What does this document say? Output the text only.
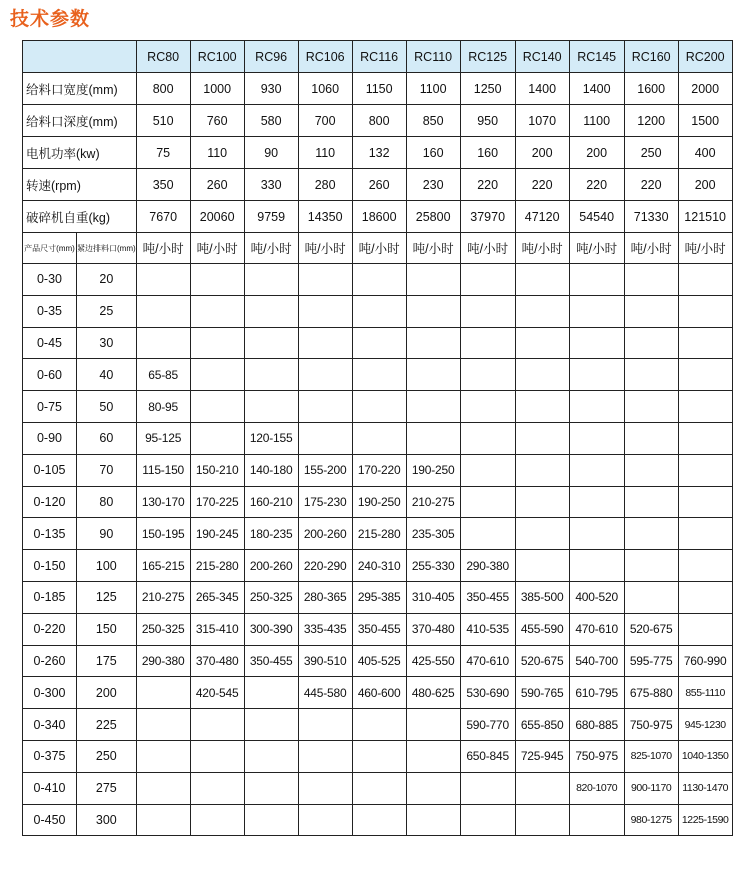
技术参数
		RC80	RC100	RC96	RC106	RC116	RC110	RC125	RC140	RC145	RC160	RC200
给料口宽度(mm)		800	1000	930	1060	1150	1100	1250	1400	1400	1600	2000
给料口深度(mm)		510	760	580	700	800	850	950	1070	1100	1200	1500
电机功率(kw)		75	110	90	110	132	160	160	200	200	250	400
转速(rpm)		350	260	330	280	260	230	220	220	220	220	200
破碎机自重(kg)		7670	20060	9759	14350	18600	25800	37970	47120	54540	71330	121510
产品尺寸(mm)	紧边排料口(mm)	吨/小时	吨/小时	吨/小时	吨/小时	吨/小时	吨/小时	吨/小时	吨/小时	吨/小时	吨/小时	吨/小时
0-30	20											
0-35	25											
0-45	30											
0-60	40	65-85										
0-75	50	80-95										
0-90	60	95-125		120-155								
0-105	70	115-150	150-210	140-180	155-200	170-220	190-250					
0-120	80	130-170	170-225	160-210	175-230	190-250	210-275					
0-135	90	150-195	190-245	180-235	200-260	215-280	235-305					
0-150	100	165-215	215-280	200-260	220-290	240-310	255-330	290-380				
0-185	125	210-275	265-345	250-325	280-365	295-385	310-405	350-455	385-500	400-520		
0-220	150	250-325	315-410	300-390	335-435	350-455	370-480	410-535	455-590	470-610	520-675	
0-260	175	290-380	370-480	350-455	390-510	405-525	425-550	470-610	520-675	540-700	595-775	760-990
0-300	200		420-545		445-580	460-600	480-625	530-690	590-765	610-795	675-880	855-1110
0-340	225							590-770	655-850	680-885	750-975	945-1230
0-375	250							650-845	725-945	750-975	825-1070	1040-1350
0-410	275									820-1070	900-1170	1130-1470
0-450	300										980-1275	1225-1590
